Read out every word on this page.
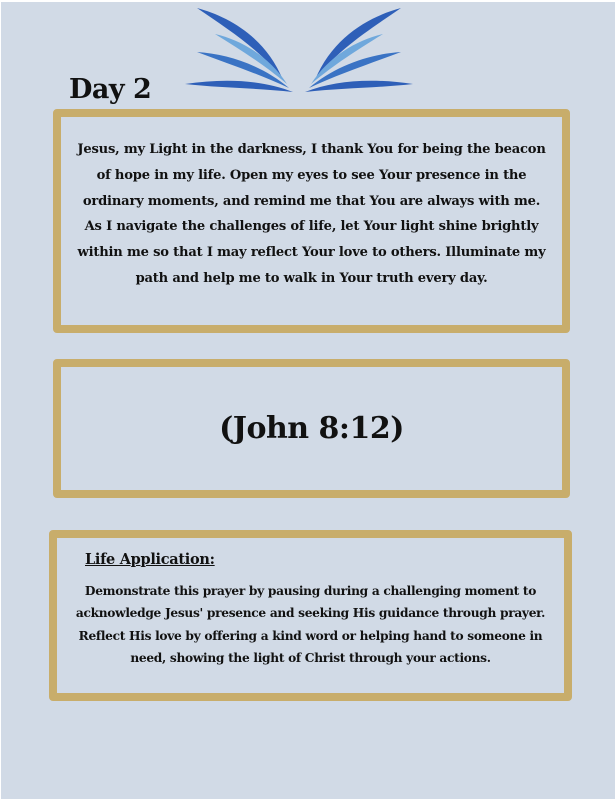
Day 2

Jesus, my Light in the darkness, I thank You for being the beacon of hope in my life. Open my eyes to see Your presence in the ordinary moments, and remind me that You are always with me. As I navigate the challenges of life, let Your light shine brightly within me so that I may reflect Your love to others. Illuminate my path and help me to walk in Your truth every day.

(John 8:12)

Life Application:

Demonstrate this prayer by pausing during a challenging moment to acknowledge Jesus' presence and seeking His guidance through prayer. Reflect His love by offering a kind word or helping hand to someone in need, showing the light of Christ through your actions.
